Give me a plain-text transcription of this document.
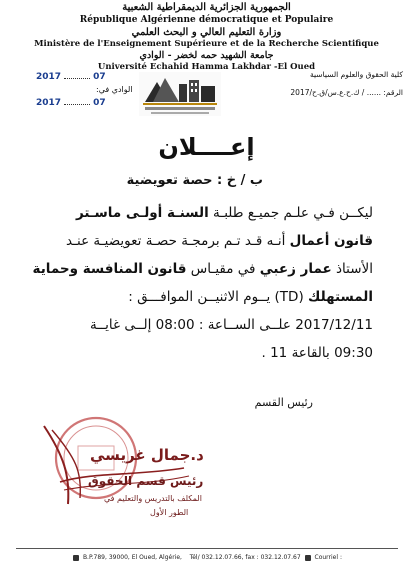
الجمهورية الجزائرية الديمقراطية الشعبية
République Algérienne démocratique et Populaire
وزارة التعليم العالي و البحث العلمي
Ministère de l'Enseignement Supérieure et de la Recherche Scientifique
جامعة الشهيد حمه لخضر - الوادي
Université Echahid Hamma Lakhdar -El Oued
2017	07
الوادي في:
2017	07
كلية الحقوق والعلوم السياسية
الرقم: ...... / ك.ح.ع.س/ق.ح/2017
إعــــلان
ب / خ : حصة تعويضية
ليكــن فـي علـم جميـع طلبـة السنـة أولـى ماسـتر
قانون أعمال أنـه قـد تـم برمجـة حصـة تعويضيـة عنـد
الأستاذ عمار زعبي في مقيـاس قانون المنافسة وحماية
المستهلك (TD) يــوم الاثنيــن الموافـــق :
2017/12/11 علــى الســاعة : 08:00 إلــى غايــة
09:30 بالقاعة 11 .
رئيس القسم
د.جمال غريسي
رئيس قسم الحقوق
المكلف بالتدريس والتعليم في
الطور الأول
B.P.789, 39000, El Oued, Algérie, Tél/ 032.12.07.66, fax : 032.12.07.67 Courriel :
